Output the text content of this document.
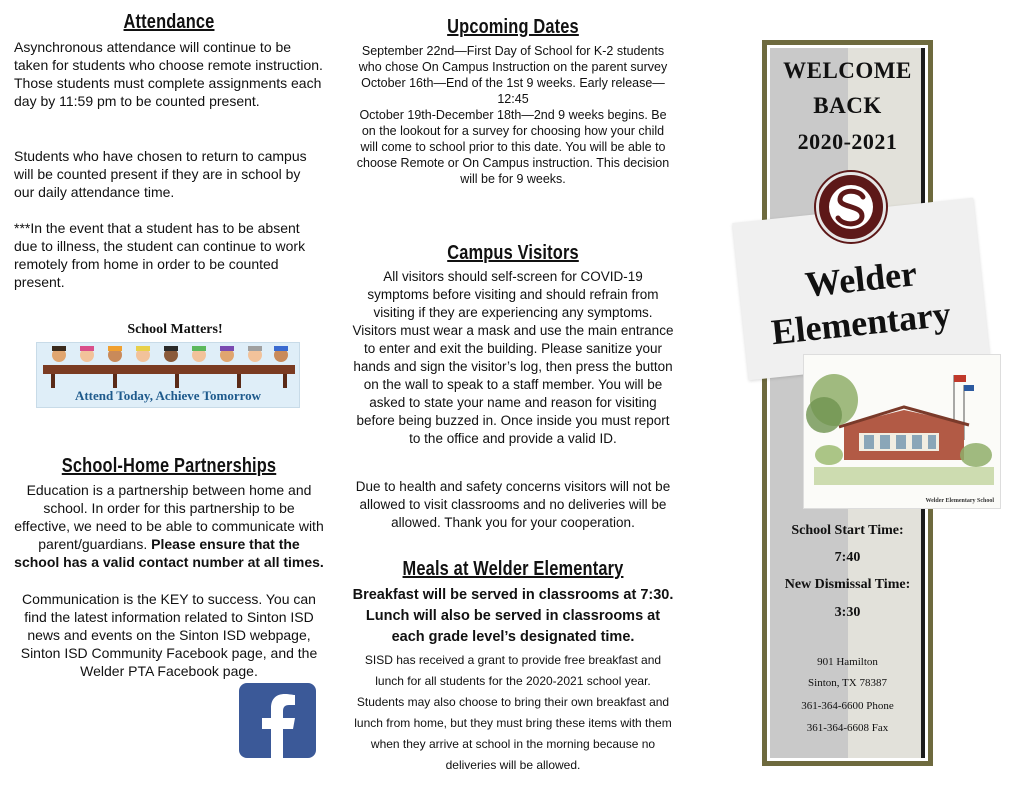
Attendance

Asynchronous attendance will continue to be taken for students who choose remote instruction. Those students must complete assignments each day by 11:59 pm to be counted present.

Students who have chosen to return to campus will be counted present if they are in school by our daily attendance time.

***In the event that a student has to be absent due to illness, the student can continue to work remotely from home in order to be counted present.

School Matters!
Attend Today, Achieve Tomorrow
School-Home Partnerships

Education is a partnership between home and school. In order for this partnership to be effective, we need to be able to communicate with parent/guardians. Please ensure that the school has a valid contact number at all times.

Communication is the KEY to success. You can find the latest information related to Sinton ISD news and events on the Sinton ISD webpage, Sinton ISD Community Facebook page, and the Welder PTA Facebook page.

Upcoming Dates

September 22nd—First Day of School for K-2 students who chose On Campus Instruction on the parent survey

October 16th—End of the 1st 9 weeks. Early release—12:45

October 19th-December 18th—2nd 9 weeks begins. Be on the lookout for a survey for choosing how your child will come to school prior to this date. You will be able to choose Remote or On Campus instruction. This decision will be for 9 weeks.

Campus Visitors

All visitors should self-screen for COVID-19 symptoms before visiting and should refrain from visiting if they are experiencing any symptoms. Visitors must wear a mask and use the main entrance to enter and exit the building. Please sanitize your hands and sign the visitor’s log, then press the button on the wall to speak to a staff member. You will be asked to state your name and reason for visiting before being buzzed in. Once inside you must report to the office and provide a valid ID.

Due to health and safety concerns visitors will not be allowed to visit classrooms and no deliveries will be allowed. Thank you for your cooperation.

Meals at Welder Elementary

Breakfast will be served in classrooms at 7:30. Lunch will also be served in classrooms at each grade level’s designated time.

SISD has received a grant to provide free breakfast and lunch for all students for the 2020-2021 school year. Students may also choose to bring their own breakfast and lunch from home, but they must bring these items with them when they arrive at school in the morning because no deliveries will be allowed.

WELCOME
BACK
2020-2021
Welder
Elementary
Welder Elementary School
School Start Time:
7:40
New Dismissal Time:
3:30
901 Hamilton
Sinton, TX 78387
361-364-6600 Phone
361-364-6608 Fax
